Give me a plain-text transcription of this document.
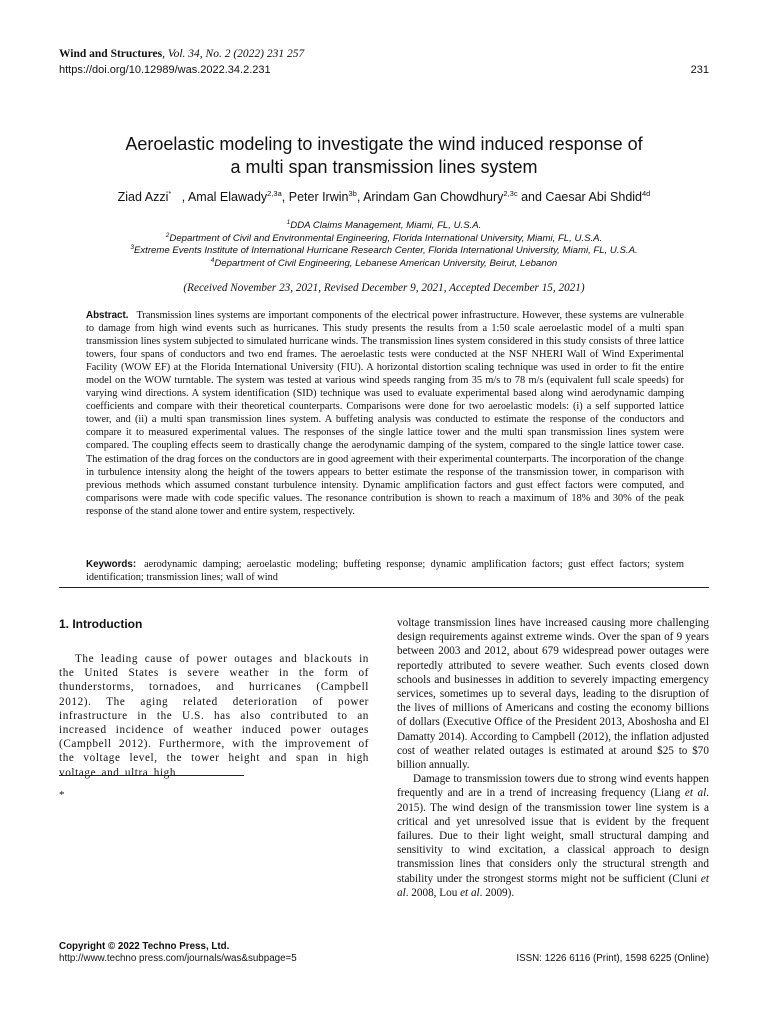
Wind and Structures, Vol. 34, No. 2 (2022) 231 257
https://doi.org/10.12989/was.2022.34.2.231	231
Aeroelastic modeling to investigate the wind induced response of
a multi span transmission lines system
Ziad Azzi* , Amal Elawady$^{2,3a}$, Peter Irwin$^{3b}$, Arindam Gan Chowdhury$^{2,3c}$ and Caesar Abi Shdid$^{4d}$
$^1$DDA Claims Management, Miami, FL, U.S.A.
$^2$Department of Civil and Environmental Engineering, Florida International University, Miami, FL, U.S.A.
$^3$Extreme Events Institute of International Hurricane Research Center, Florida International University, Miami, FL, U.S.A.
$^4$Department of Civil Engineering, Lebanese American University, Beirut, Lebanon
(Received November 23, 2021, Revised December 9, 2021, Accepted December 15, 2021)
Abstract. Transmission lines systems are important components of the electrical power infrastructure. However, these systems are vulnerable to damage from high wind events such as hurricanes. This study presents the results from a 1:50 scale aeroelastic model of a multi span transmission lines system subjected to simulated hurricane winds. The transmission lines system considered in this study consists of three lattice towers, four spans of conductors and two end frames. The aeroelastic tests were conducted at the NSF NHERI Wall of Wind Experimental Facility (WOW EF) at the Florida International University (FIU). A horizontal distortion scaling technique was used in order to fit the entire model on the WOW turntable. The system was tested at various wind speeds ranging from 35 m/s to 78 m/s (equivalent full scale speeds) for varying wind directions. A system identification (SID) technique was used to evaluate experimental based along wind aerodynamic damping coefficients and compare with their theoretical counterparts. Comparisons were done for two aeroelastic models: (i) a self supported lattice tower, and (ii) a multi span transmission lines system. A buffeting analysis was conducted to estimate the response of the conductors and compare it to measured experimental values. The responses of the single lattice tower and the multi span transmission lines system were compared. The coupling effects seem to drastically change the aerodynamic damping of the system, compared to the single lattice tower case. The estimation of the drag forces on the conductors are in good agreement with their experimental counterparts. The incorporation of the change in turbulence intensity along the height of the towers appears to better estimate the response of the transmission tower, in comparison with previous methods which assumed constant turbulence intensity. Dynamic amplification factors and gust effect factors were computed, and comparisons were made with code specific values. The resonance contribution is shown to reach a maximum of 18% and 30% of the peak response of the stand alone tower and entire system, respectively.
Keywords: aerodynamic damping; aeroelastic modeling; buffeting response; dynamic amplification factors; gust effect factors; system identification; transmission lines; wall of wind
1. Introduction

The leading cause of power outages and blackouts in the United States is severe weather in the form of thunderstorms, tornadoes, and hurricanes (Campbell 2012). The aging related deterioration of power infrastructure in the U.S. has also contributed to an increased incidence of weather induced power outages (Campbell 2012). Furthermore, with the improvement of the voltage level, the tower height and span in high voltage and ultra high

*

voltage transmission lines have increased causing more challenging design requirements against extreme winds. Over the span of 9 years between 2003 and 2012, about 679 widespread power outages were reportedly attributed to severe weather. Such events closed down schools and businesses in addition to severely impacting emergency services, sometimes up to several days, leading to the disruption of the lives of millions of Americans and costing the economy billions of dollars (Executive Office of the President 2013, Aboshosha and El Damatty 2014). According to Campbell (2012), the inflation adjusted cost of weather related outages is estimated at around $25 to $70 billion annually.

Damage to transmission towers due to strong wind events happen frequently and are in a trend of increasing frequency (Liang et al. 2015). The wind design of the transmission tower line system is a critical and yet unresolved issue that is evident by the frequent failures. Due to their light weight, small structural damping and sensitivity to wind excitation, a classical approach to design transmission lines that considers only the structural strength and stability under the strongest storms might not be sufficient (Cluni et al. 2008, Lou et al. 2009).

Copyright © 2022 Techno Press, Ltd.
http://www.techno press.com/journals/was&subpage=5	ISSN: 1226 6116 (Print), 1598 6225 (Online)
